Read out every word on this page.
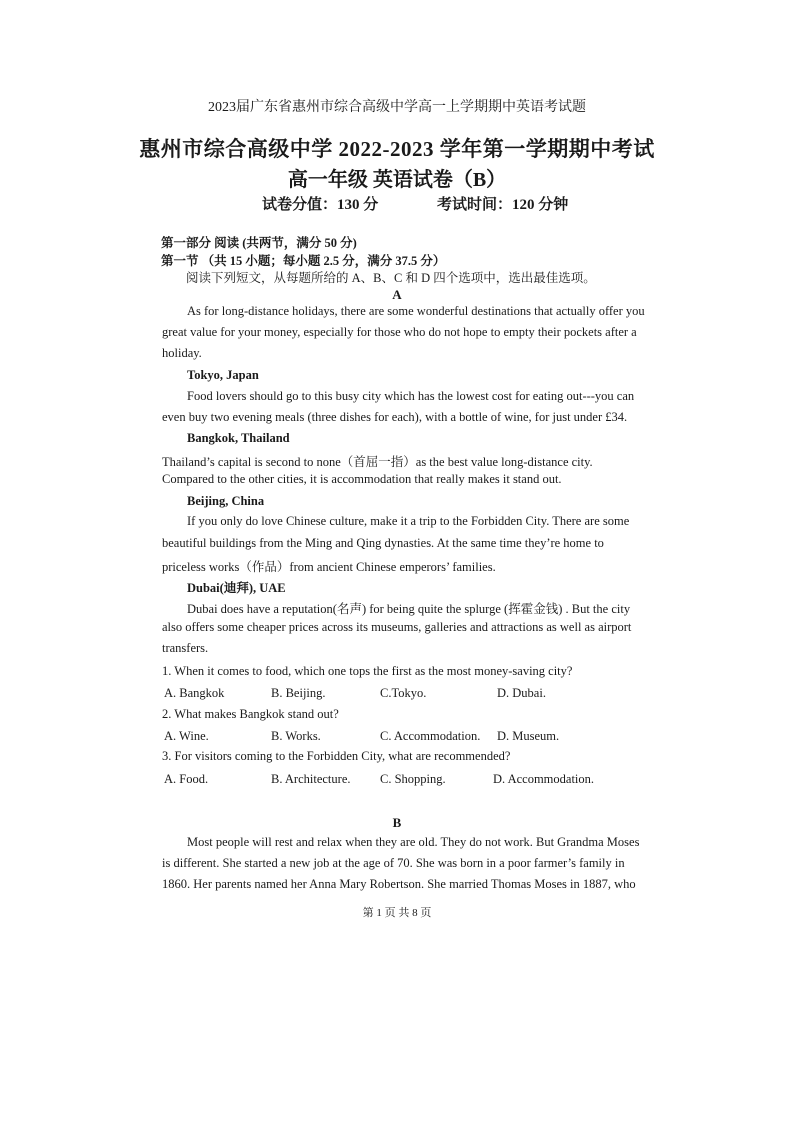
2023届广东省惠州市综合高级中学高一上学期期中英语考试题
惠州市综合高级中学 2022-2023 学年第一学期期中考试
高一年级 英语试卷（B）
试卷分值：130 分	考试时间：120 分钟
第一部分 阅读 (共两节，满分 50 分)
第一节 （共 15 小题；每小题 2.5 分，满分 37.5 分）
阅读下列短文，从每题所给的 A、B、C 和 D 四个选项中，选出最佳选项。
A
As for long-distance holidays, there are some wonderful destinations that actually offer you
great value for your money, especially for those who do not hope to empty their pockets after a
holiday.
Tokyo, Japan
Food lovers should go to this busy city which has the lowest cost for eating out---you can
even buy two evening meals (three dishes for each), with a bottle of wine, for just under £34.
Bangkok, Thailand
Thailand’s capital is second to none（首屈一指）as the best value long-distance city.
Compared to the other cities, it is accommodation that really makes it stand out.
Beijing, China
If you only do love Chinese culture, make it a trip to the Forbidden City. There are some
beautiful buildings from the Ming and Qing dynasties. At the same time they’re home to
priceless works（作品）from ancient Chinese emperors’ families.
Dubai(迪拜), UAE
Dubai does have a reputation(名声) for being quite the splurge (挥霍金钱) . But the city
also offers some cheaper prices across its museums, galleries and attractions as well as airport
transfers.
1. When it comes to food, which one tops the first as the most money-saving city?
A. Bangkok	B. Beijing.	C.Tokyo.	D. Dubai.
2. What makes Bangkok stand out?
A. Wine.	B. Works.	C. Accommodation. D. Museum.
3. For visitors coming to the Forbidden City, what are recommended?
A. Food.	B. Architecture. C. Shopping.	D. Accommodation.
B
Most people will rest and relax when they are old. They do not work. But Grandma Moses
is different. She started a new job at the age of 70. She was born in a poor farmer’s family in
1860. Her parents named her Anna Mary Robertson. She married Thomas Moses in 1887, who
第 1 页 共 8 页
